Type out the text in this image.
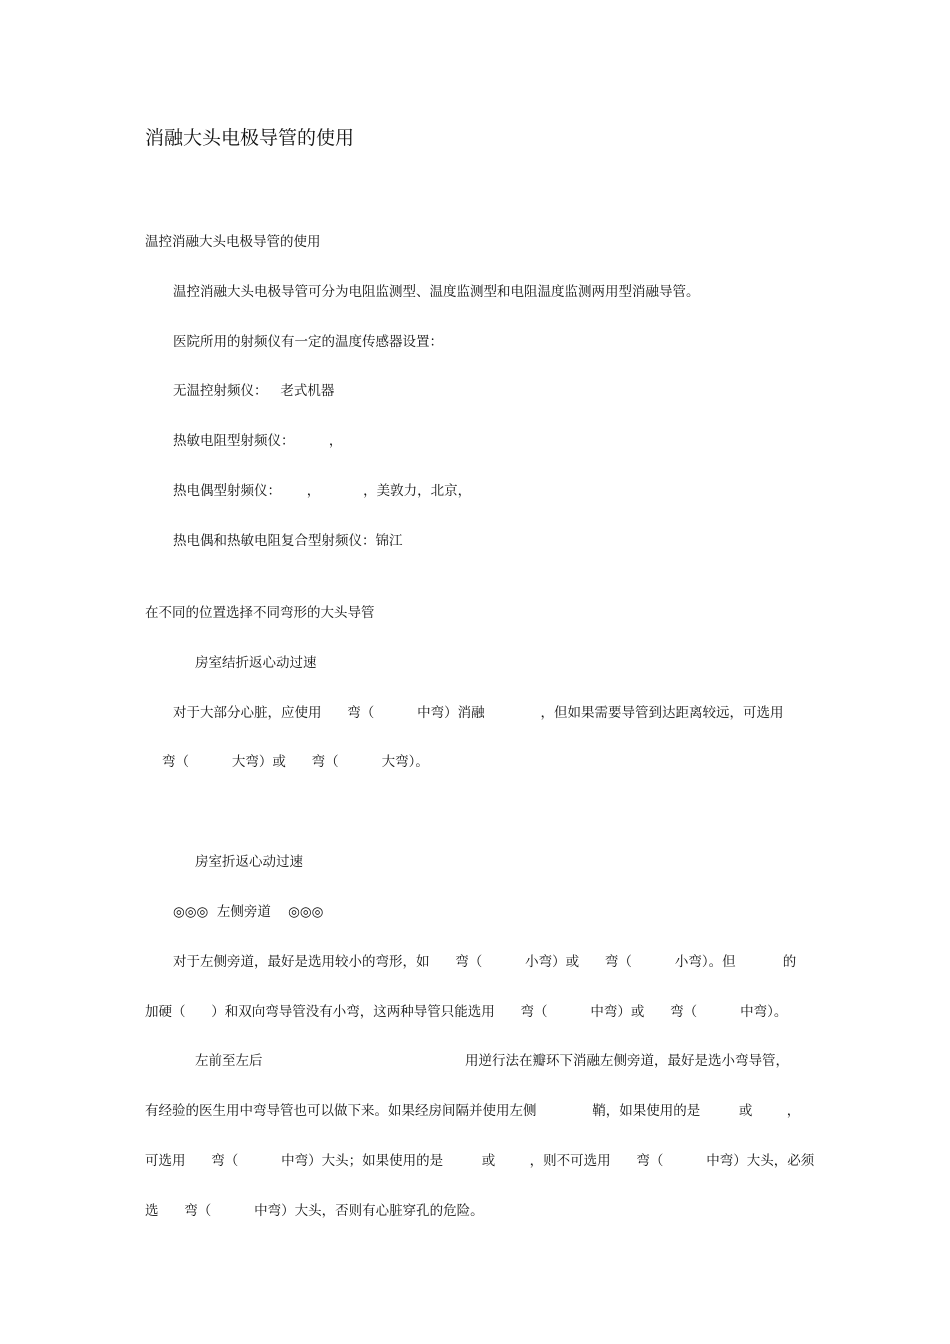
消融大头电极导管的使用

温控消融大头电极导管的使用

温控消融大头电极导管可分为电阻监测型、温度监测型和电阻温度监测两用型消融导管。

医院所用的射频仪有一定的温度传感器设置：

无温控射频仪：   老式机器

热敏电阻型射频仪：        ，

热电偶型射频仪：      ，          ，美敦力，北京，

热电偶和热敏电阻复合型射频仪：锦江

在不同的位置选择不同弯形的大头导管

房室结折返心动过速

对于大部分心脏，应使用      弯（          中弯）消融             ，但如果需要导管到达距离较远，可选用

弯（          大弯）或      弯（          大弯）。

房室折返心动过速

◎◎◎  左侧旁道    ◎◎◎

对于左侧旁道，最好是选用较小的弯形，如      弯（          小弯）或      弯（          小弯）。但           的

加硬（      ）和双向弯导管没有小弯，这两种导管只能选用      弯（          中弯）或      弯（          中弯）。

左前至左后	用逆行法在瓣环下消融左侧旁道，最好是选小弯导管，

有经验的医生用中弯导管也可以做下来。如果经房间隔并使用左侧             鞘，如果使用的是         或        ，

可选用      弯（          中弯）大头；如果使用的是         或        ，则不可选用      弯（          中弯）大头，必须

选      弯（          中弯）大头，否则有心脏穿孔的危险。
